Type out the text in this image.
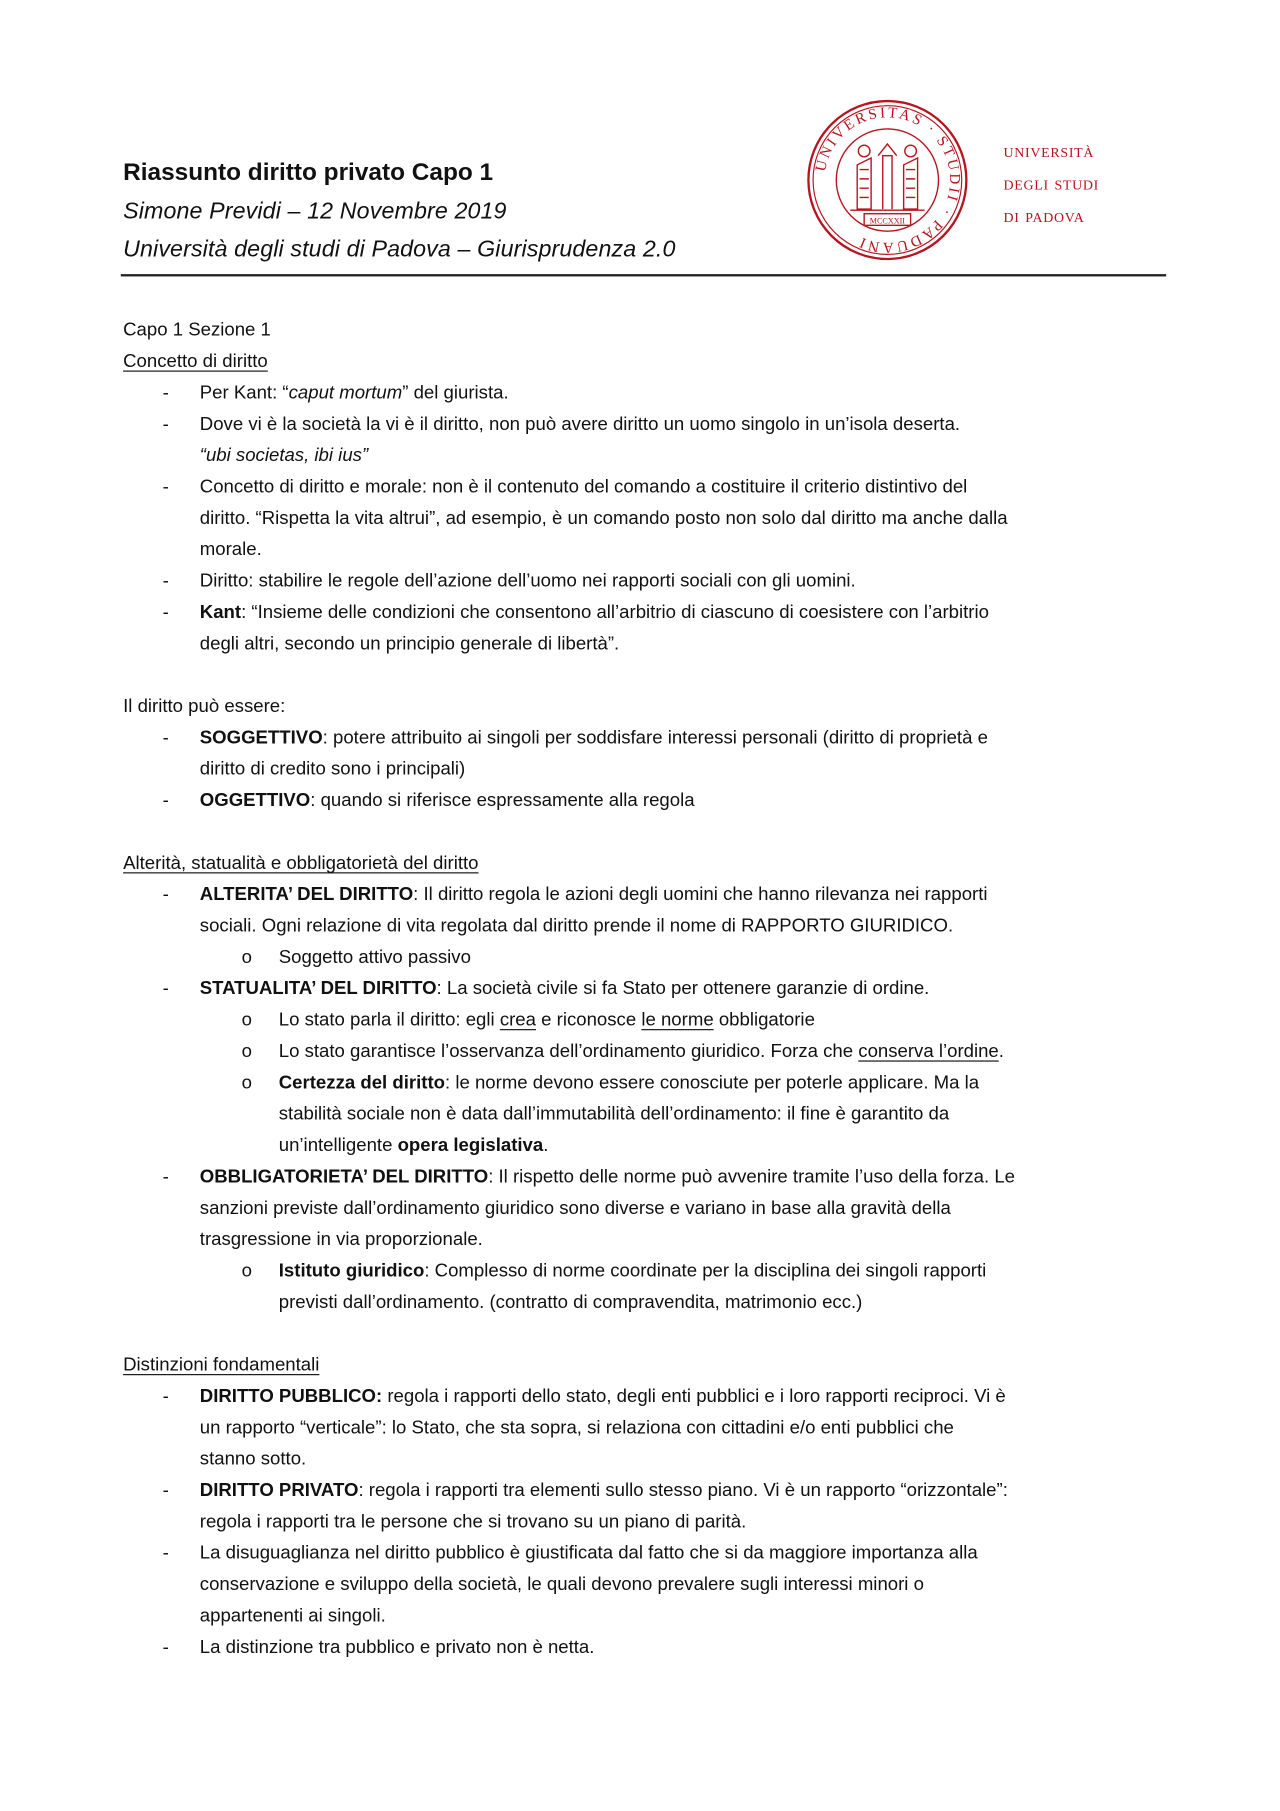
Riassunto diritto privato Capo 1
Simone Previdi – 12 Novembre 2019
Università degli studi di Padova – Giurisprudenza 2.0
UNIVERSITAS · STUDII · PADUANI
MCCXXII
università
degli studi
di padova

Capo 1 Sezione 1

Concetto di diritto

- Per Kant: “caput mortum” del giurista.
- Dove vi è la società la vi è il diritto, non può avere diritto un uomo singolo in un’isola deserta.
“ubi societas, ibi ius”
- Concetto di diritto e morale: non è il contenuto del comando a costituire il criterio distintivo del
diritto. “Rispetta la vita altrui”, ad esempio, è un comando posto non solo dal diritto ma anche dalla
morale.
- Diritto: stabilire le regole dell’azione dell’uomo nei rapporti sociali con gli uomini.
- Kant: “Insieme delle condizioni che consentono all’arbitrio di ciascuno di coesistere con l’arbitrio
degli altri, secondo un principio generale di libertà”.

Il diritto può essere:

- SOGGETTIVO: potere attribuito ai singoli per soddisfare interessi personali (diritto di proprietà e
diritto di credito sono i principali)
- OGGETTIVO: quando si riferisce espressamente alla regola

Alterità, statualità e obbligatorietà del diritto

- ALTERITA’ DEL DIRITTO: Il diritto regola le azioni degli uomini che hanno rilevanza nei rapporti
sociali. Ogni relazione di vita regolata dal diritto prende il nome di RAPPORTO GIURIDICO.
o Soggetto attivo passivo
- STATUALITA’ DEL DIRITTO: La società civile si fa Stato per ottenere garanzie di ordine.
o Lo stato parla il diritto: egli crea e riconosce le norme obbligatorie
o Lo stato garantisce l’osservanza dell’ordinamento giuridico. Forza che conserva l’ordine.
o Certezza del diritto: le norme devono essere conosciute per poterle applicare. Ma la
stabilità sociale non è data dall’immutabilità dell’ordinamento: il fine è garantito da
un’intelligente opera legislativa.
- OBBLIGATORIETA’ DEL DIRITTO: Il rispetto delle norme può avvenire tramite l’uso della forza. Le
sanzioni previste dall’ordinamento giuridico sono diverse e variano in base alla gravità della
trasgressione in via proporzionale.
o Istituto giuridico: Complesso di norme coordinate per la disciplina dei singoli rapporti
previsti dall’ordinamento. (contratto di compravendita, matrimonio ecc.)

Distinzioni fondamentali

- DIRITTO PUBBLICO: regola i rapporti dello stato, degli enti pubblici e i loro rapporti reciproci. Vi è
un rapporto “verticale”: lo Stato, che sta sopra, si relaziona con cittadini e/o enti pubblici che
stanno sotto.
- DIRITTO PRIVATO: regola i rapporti tra elementi sullo stesso piano. Vi è un rapporto “orizzontale”:
regola i rapporti tra le persone che si trovano su un piano di parità.
- La disuguaglianza nel diritto pubblico è giustificata dal fatto che si da maggiore importanza alla
conservazione e sviluppo della società, le quali devono prevalere sugli interessi minori o
appartenenti ai singoli.
- La distinzione tra pubblico e privato non è netta.
